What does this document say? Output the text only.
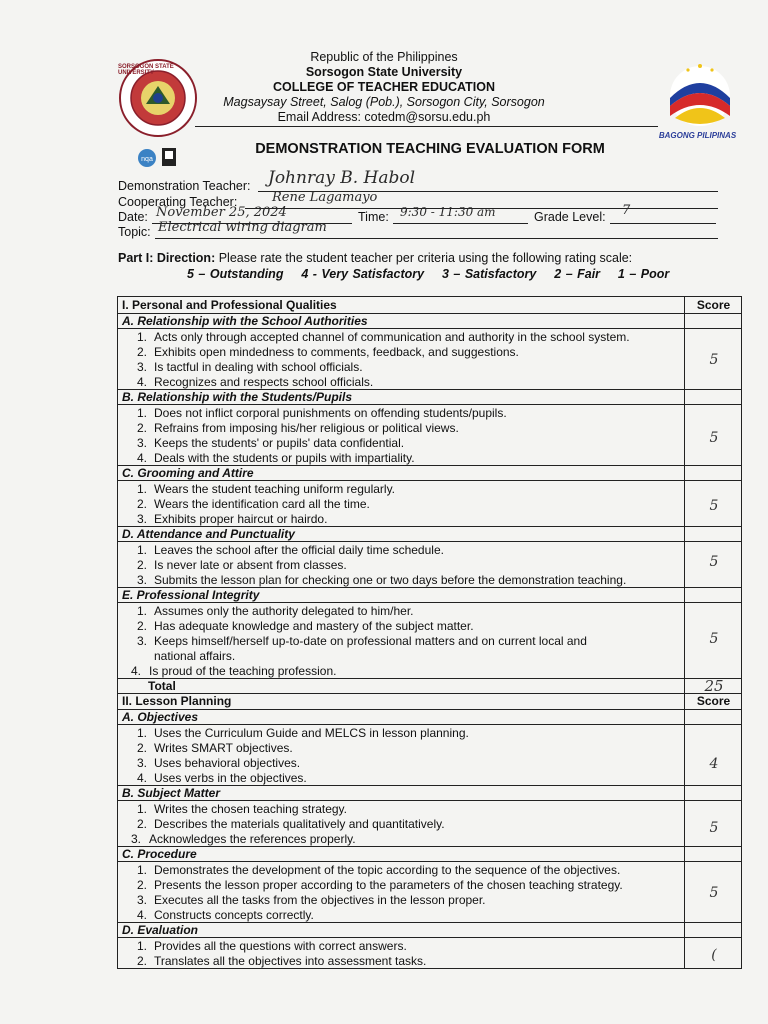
SORSOGON STATE UNIVERSITY
BAGONG PILIPINAS
nqa
Republic of the Philippines
Sorsogon State University
COLLEGE OF TEACHER EDUCATION
Magsaysay Street, Salog (Pob.), Sorsogon City, Sorsogon
Email Address: cotedm@sorsu.edu.ph
DEMONSTRATION TEACHING EVALUATION FORM
Demonstration Teacher: Johnray B. Habol
Cooperating Teacher:	Rene Lagamayo
Date: November 25, 2024	Time: 9:30 - 11:30 am	Grade Level: 7
Topic: Electrical wiring diagram
Part I: Direction: Please rate the student teacher per criteria using the following rating scale:
5 – Outstanding    4 - Very Satisfactory    3 – Satisfactory    2 – Fair    1 – Poor
I. Personal and Professional Qualities	Score
A. Relationship with the School Authorities
1. Acts only through accepted channel of communication and authority in the school system.
2. Exhibits open mindedness to comments, feedback, and suggestions.
3. Is tactful in dealing with school officials.
4. Recognizes and respects school officials.
5
B. Relationship with the Students/Pupils
1. Does not inflict corporal punishments on offending students/pupils.
2. Refrains from imposing his/her religious or political views.
3. Keeps the students' or pupils' data confidential.
4. Deals with the students or pupils with impartiality.
5
C. Grooming and Attire
1. Wears the student teaching uniform regularly.
2. Wears the identification card all the time.
3. Exhibits proper haircut or hairdo.
5
D. Attendance and Punctuality
1. Leaves the school after the official daily time schedule.
2. Is never late or absent from classes.
3. Submits the lesson plan for checking one or two days before the demonstration teaching.
5
E. Professional Integrity
1. Assumes only the authority delegated to him/her.
2. Has adequate knowledge and mastery of the subject matter.
3. Keeps himself/herself up-to-date on professional matters and on current local and
national affairs.
4. Is proud of the teaching profession.
5
Total	25
II. Lesson Planning	Score
A. Objectives
1. Uses the Curriculum Guide and MELCS in lesson planning.
2. Writes SMART objectives.
3. Uses behavioral objectives.
4. Uses verbs in the objectives.
4
B. Subject Matter
1. Writes the chosen teaching strategy.
2. Describes the materials qualitatively and quantitatively.
3. Acknowledges the references properly.
5
C. Procedure
1. Demonstrates the development of the topic according to the sequence of the objectives.
2. Presents the lesson proper according to the parameters of the chosen teaching strategy.
3. Executes all the tasks from the objectives in the lesson proper.
4. Constructs concepts correctly.
5
D. Evaluation
1. Provides all the questions with correct answers.
2. Translates all the objectives into assessment tasks.	(
